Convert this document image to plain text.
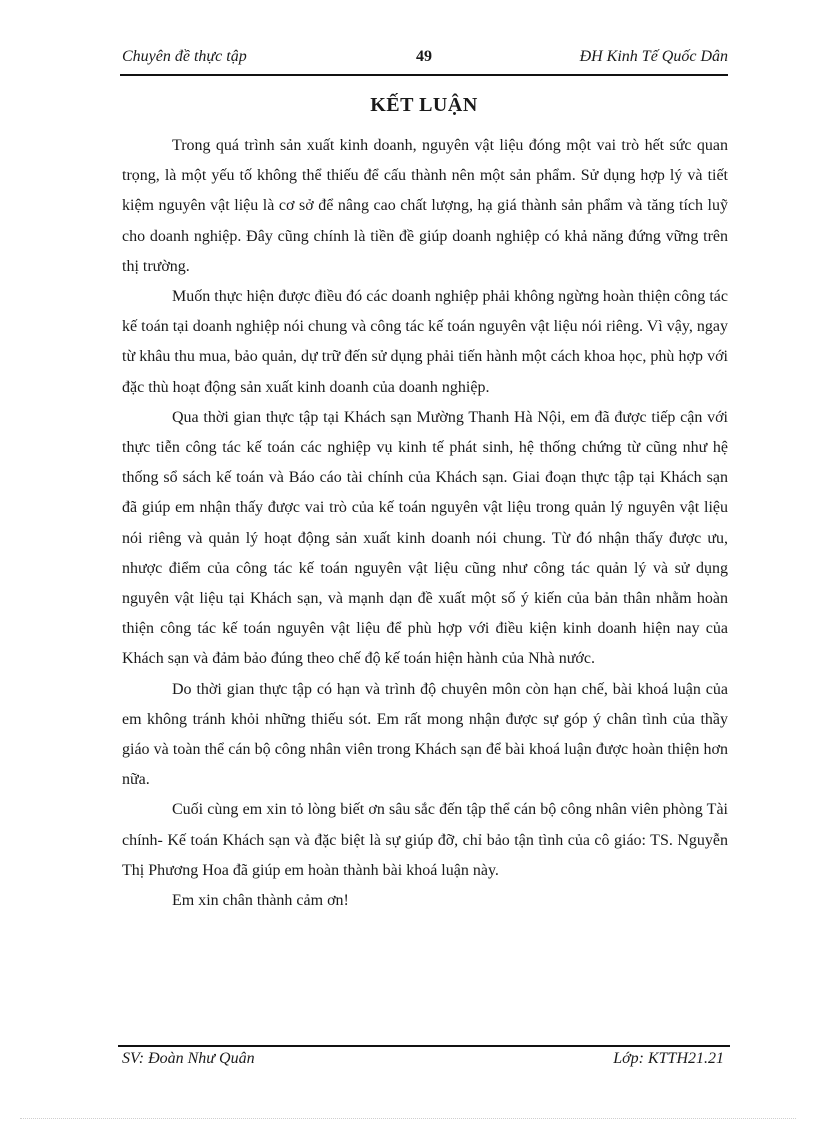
49
Chuyên đề thực tập	ĐH Kinh Tế Quốc Dân
KẾT LUẬN

Trong quá trình sản xuất kinh doanh, nguyên vật liệu đóng một vai trò hết sức quan trọng, là một yếu tố không thể thiếu để cấu thành nên một sản phẩm. Sử dụng hợp lý và tiết kiệm nguyên vật liệu là cơ sở để nâng cao chất lượng, hạ giá thành sản phẩm và tăng tích luỹ cho doanh nghiệp. Đây cũng chính là tiền đề giúp doanh nghiệp có khả năng đứng vững trên thị trường.

Muốn thực hiện được điều đó các doanh nghiệp phải không ngừng hoàn thiện công tác kế toán tại doanh nghiệp nói chung và công tác kế toán nguyên vật liệu nói riêng. Vì vậy, ngay từ khâu thu mua, bảo quản, dự trữ đến sử dụng phải tiến hành một cách khoa học, phù hợp với đặc thù hoạt động sản xuất kinh doanh của doanh nghiệp.

Qua thời gian thực tập tại Khách sạn Mường Thanh Hà Nội, em đã được tiếp cận với thực tiễn công tác kế toán các nghiệp vụ kinh tế phát sinh, hệ thống chứng từ cũng như hệ thống sổ sách kế toán và Báo cáo tài chính của Khách sạn. Giai đoạn thực tập tại Khách sạn đã giúp em nhận thấy được vai trò của kế toán nguyên vật liệu trong quản lý nguyên vật liệu nói riêng và quản lý hoạt động sản xuất kinh doanh nói chung. Từ đó nhận thấy được ưu, nhược điểm của công tác kế toán nguyên vật liệu cũng như công tác quản lý và sử dụng nguyên vật liệu tại Khách sạn, và mạnh dạn đề xuất một số ý kiến của bản thân nhằm hoàn thiện công tác kế toán nguyên vật liệu để phù hợp với điều kiện kinh doanh hiện nay của Khách sạn và đảm bảo đúng theo chế độ kế toán hiện hành của Nhà nước.

Do thời gian thực tập có hạn và trình độ chuyên môn còn hạn chế, bài khoá luận của em không tránh khỏi những thiếu sót. Em rất mong nhận được sự góp ý chân tình của thầy giáo và toàn thể cán bộ công nhân viên trong Khách sạn để bài khoá luận được hoàn thiện hơn nữa.

Cuối cùng em xin tỏ lòng biết ơn sâu sắc đến tập thể cán bộ công nhân viên phòng Tài chính- Kế toán Khách sạn và đặc biệt là sự giúp đỡ, chỉ bảo tận tình của cô giáo: TS. Nguyễn Thị Phương Hoa đã giúp em hoàn thành bài khoá luận này.

Em xin chân thành cảm ơn!

SV: Đoàn Như Quân	Lớp: KTTH21.21
